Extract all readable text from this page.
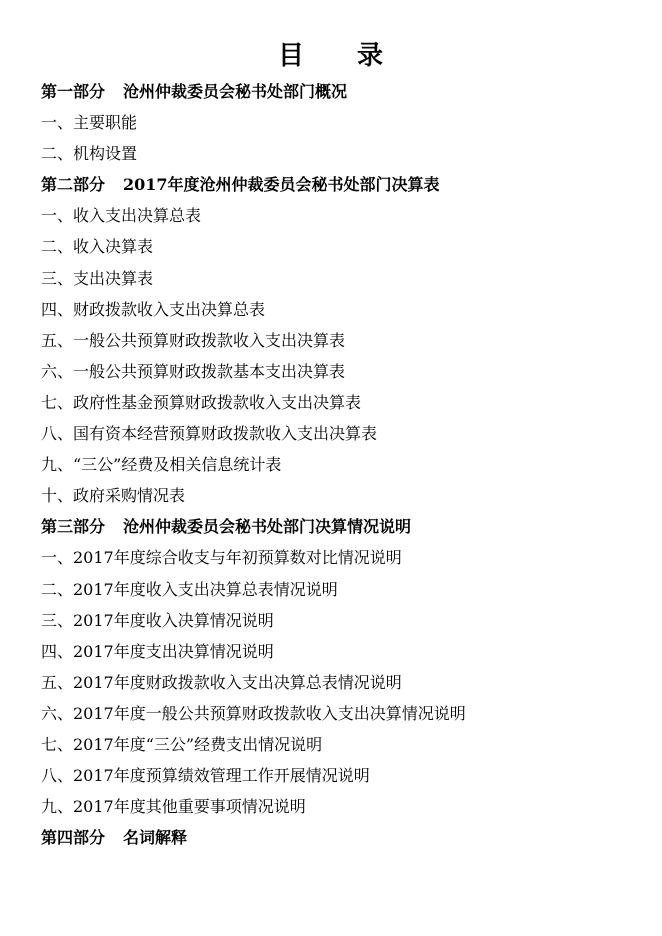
目 录
第一部分 沧州仲裁委员会秘书处部门概况
一、主要职能
二、机构设置
第二部分 2017年度沧州仲裁委员会秘书处部门决算表
一、收入支出决算总表
二、收入决算表
三、支出决算表
四、财政拨款收入支出决算总表
五、一般公共预算财政拨款收入支出决算表
六、一般公共预算财政拨款基本支出决算表
七、政府性基金预算财政拨款收入支出决算表
八、国有资本经营预算财政拨款收入支出决算表
九、“三公”经费及相关信息统计表
十、政府采购情况表
第三部分 沧州仲裁委员会秘书处部门决算情况说明
一、2017年度综合收支与年初预算数对比情况说明
二、2017年度收入支出决算总表情况说明
三、2017年度收入决算情况说明
四、2017年度支出决算情况说明
五、2017年度财政拨款收入支出决算总表情况说明
六、2017年度一般公共预算财政拨款收入支出决算情况说明
七、2017年度“三公”经费支出情况说明
八、2017年度预算绩效管理工作开展情况说明
九、2017年度其他重要事项情况说明
第四部分 名词解释
